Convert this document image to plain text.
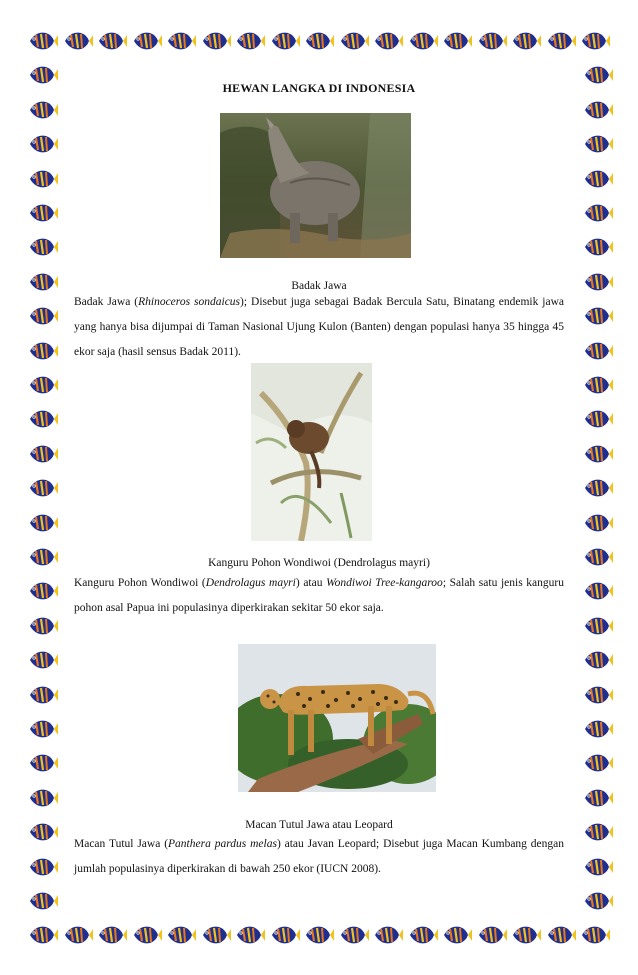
HEWAN LANGKA DI INDONESIA
Badak Jawa
Badak Jawa (Rhinoceros sondaicus); Disebut juga sebagai Badak Bercula Satu, Binatang endemik jawa yang hanya bisa dijumpai di Taman Nasional Ujung Kulon (Banten) dengan populasi hanya 35 hingga 45 ekor saja (hasil sensus Badak 2011).
Kanguru Pohon Wondiwoi (Dendrolagus mayri)
Kanguru Pohon Wondiwoi (Dendrolagus mayri) atau Wondiwoi Tree-kangaroo; Salah satu jenis kanguru pohon asal Papua ini populasinya diperkirakan sekitar 50 ekor saja.
Macan Tutul Jawa atau Leopard
Macan Tutul Jawa (Panthera pardus melas) atau Javan Leopard; Disebut juga Macan Kumbang dengan jumlah populasinya diperkirakan di bawah 250 ekor (IUCN 2008).
